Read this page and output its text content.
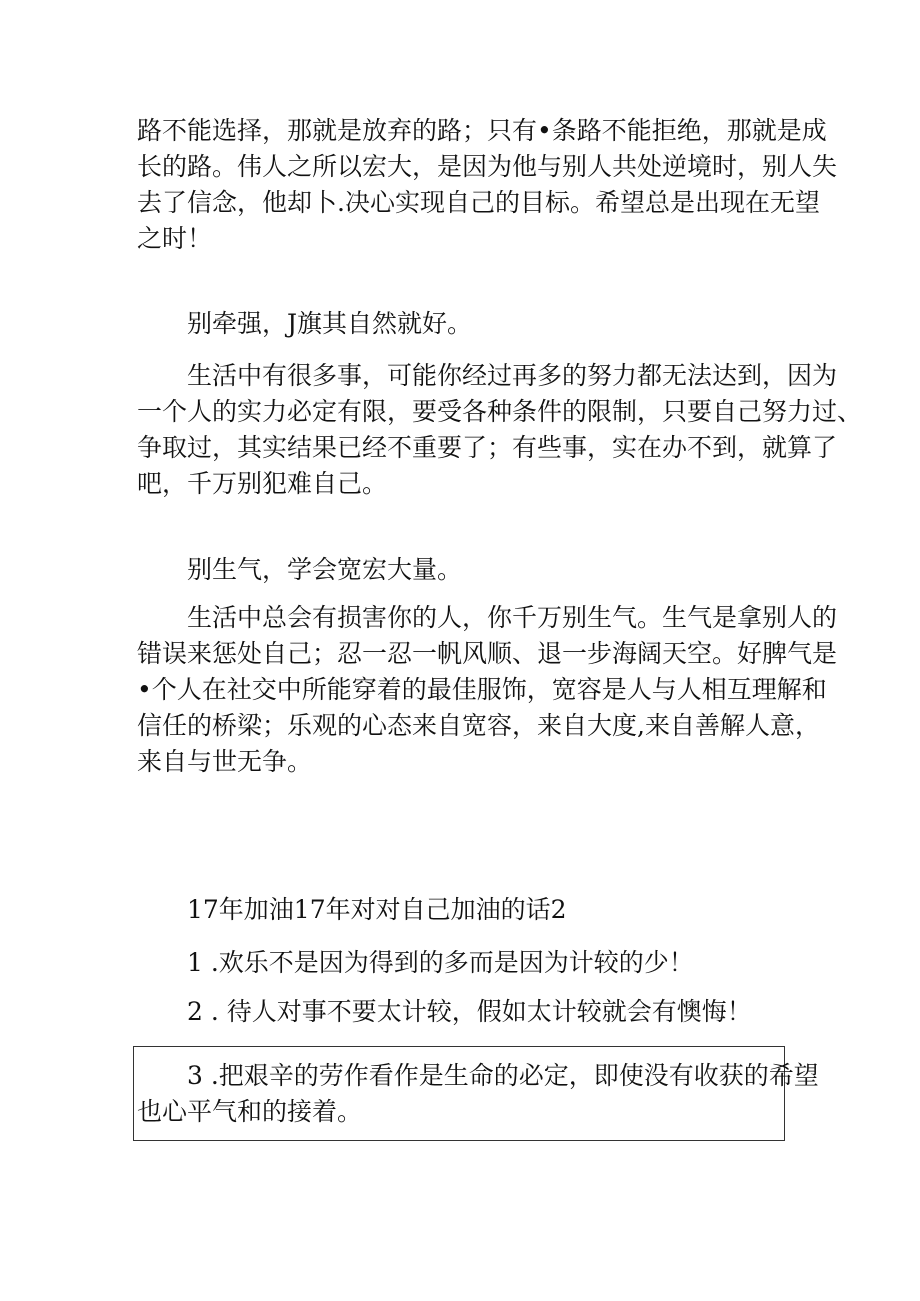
路不能选择，那就是放弃的路；只有•条路不能拒绝，那就是成
长的路。伟人之所以宏大，是因为他与别人共处逆境时，别人失
去了信念，他却卜.决心实现自己的目标。希望总是出现在无望
之时！

　　别牵强，J旗其自然就好。

　　生活中有很多事，可能你经过再多的努力都无法达到，因为
一个人的实力必定有限，要受各种条件的限制，只要自己努力过、
争取过，其实结果已经不重要了；有些事，实在办不到，就算了
吧，千万别犯难自己。

　　别生气，学会宽宏大量。

　　生活中总会有损害你的人，你千万别生气。生气是拿别人的
错误来惩处自己；忍一忍一帆风顺、退一步海阔天空。好脾气是
•个人在社交中所能穿着的最佳服饰，宽容是人与人相互理解和
信任的桥梁；乐观的心态来自宽容，来自大度,来自善解人意，
来自与世无争。

　　17年加油17年对对自己加油的话2

　　1 .欢乐不是因为得到的多而是因为计较的少！

　　2 . 待人对事不要太计较，假如太计较就会有懊悔！

　　3 .把艰辛的劳作看作是生命的必定，即使没有收获的希望
也心平气和的接着。
